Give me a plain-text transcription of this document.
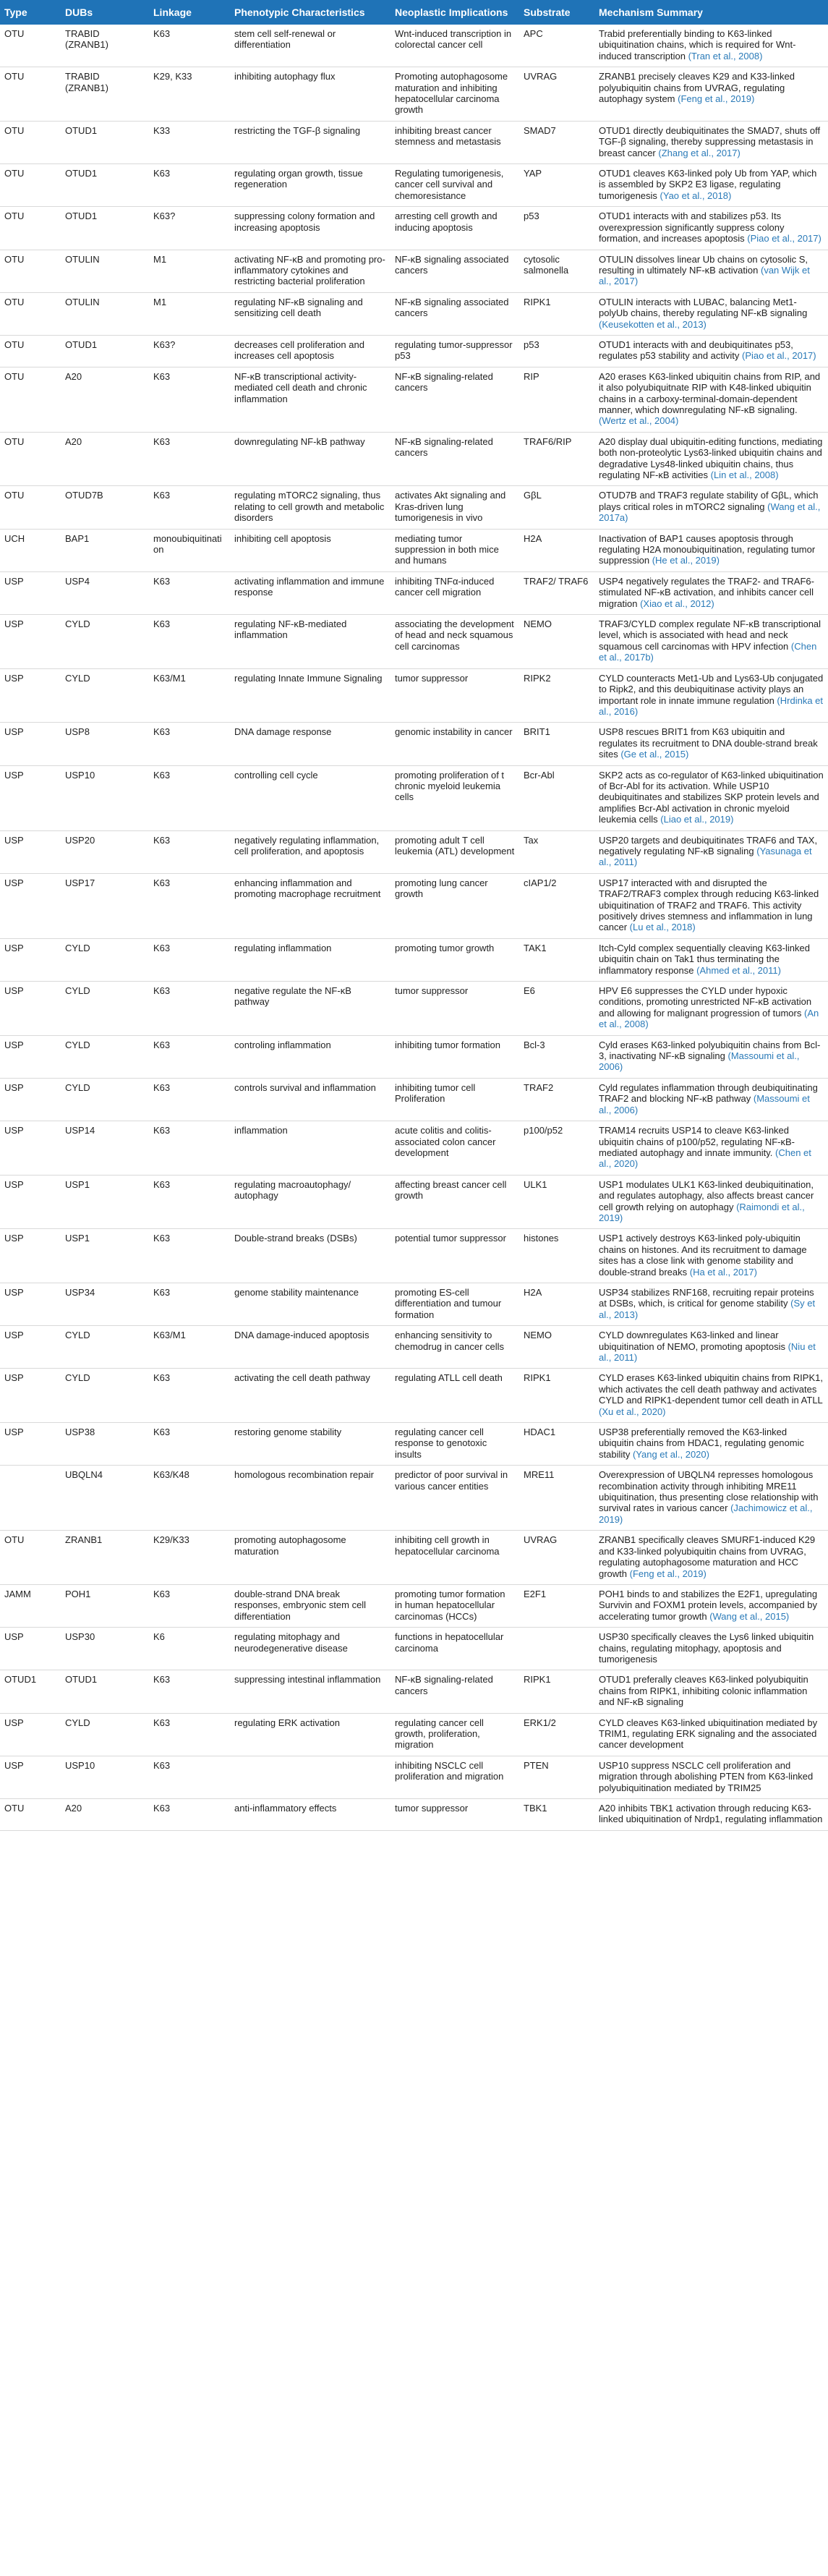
Type	DUBs	Linkage	Phenotypic Characteristics	Neoplastic Implications	Substrate	Mechanism Summary
OTU	TRABID (ZRANB1)	K63	stem cell self-renewal or differentiation	Wnt-induced transcription in colorectal cancer cell	APC	Trabid preferentially binding to K63-linked ubiquitination chains, which is required for Wnt-induced transcription (Tran et al., 2008)
OTU	TRABID (ZRANB1)	K29, K33	inhibiting autophagy flux	Promoting autophagosome maturation and inhibiting hepatocellular carcinoma growth	UVRAG	ZRANB1 precisely cleaves K29 and K33-linked polyubiquitin chains from UVRAG, regulating autophagy system (Feng et al., 2019)
OTU	OTUD1	K33	restricting the TGF-β signaling	inhibiting breast cancer stemness and metastasis	SMAD7	OTUD1 directly deubiquitinates the SMAD7, shuts off TGF-β signaling, thereby suppressing metastasis in breast cancer (Zhang et al., 2017)
OTU	OTUD1	K63	regulating organ growth, tissue regeneration	Regulating tumorigenesis, cancer cell survival and chemoresistance	YAP	OTUD1 cleaves K63-linked poly Ub from YAP, which is assembled by SKP2 E3 ligase, regulating tumorigenesis (Yao et al., 2018)
OTU	OTUD1	K63?	suppressing colony formation and increasing apoptosis	arresting cell growth and inducing apoptosis	p53	OTUD1 interacts with and stabilizes p53. Its overexpression significantly suppress colony formation, and increases apoptosis (Piao et al., 2017)
OTU	OTULIN	M1	activating NF-κB and promoting pro-inflammatory cytokines and restricting bacterial proliferation	NF-κB signaling associated cancers	cytosolic salmonella	OTULIN dissolves linear Ub chains on cytosolic S, resulting in ultimately NF-κB activation (van Wijk et al., 2017)
OTU	OTULIN	M1	regulating NF-κB signaling and sensitizing cell death	NF-κB signaling associated cancers	RIPK1	OTULIN interacts with LUBAC, balancing Met1-polyUb chains, thereby regulating NF-κB signaling (Keusekotten et al., 2013)
OTU	OTUD1	K63?	decreases cell proliferation and increases cell apoptosis	regulating tumor-suppressor p53	p53	OTUD1 interacts with and deubiquitinates p53, regulates p53 stability and activity (Piao et al., 2017)
OTU	A20	K63	NF-κB transcriptional activity-mediated cell death and chronic inflammation	NF-κB signaling-related cancers	RIP	A20 erases K63-linked ubiquitin chains from RIP, and it also polyubiquitnate RIP with K48-linked ubiquitin chains in a carboxy-terminal-domain-dependent manner, which downregulating NF-κB signaling. (Wertz et al., 2004)
OTU	A20	K63	downregulating NF-kB pathway	NF-κB signaling-related cancers	TRAF6/RIP	A20 display dual ubiquitin-editing functions, mediating both non-proteolytic Lys63-linked ubiquitin chains and degradative Lys48-linked ubiquitin chains, thus regulating NF-κB activities (Lin et al., 2008)
OTU	OTUD7B	K63	regulating mTORC2 signaling, thus relating to cell growth and metabolic disorders	activates Akt signaling and Kras-driven lung tumorigenesis in vivo	GβL	OTUD7B and TRAF3 regulate stability of GβL, which plays critical roles in mTORC2 signaling (Wang et al., 2017a)
UCH	BAP1	monoubiquitination	inhibiting cell apoptosis	mediating tumor suppression in both mice and humans	H2A	Inactivation of BAP1 causes apoptosis through regulating H2A monoubiquitination, regulating tumor suppression (He et al., 2019)
USP	USP4	K63	activating inflammation and immune response	inhibiting TNFα-induced cancer cell migration	TRAF2/ TRAF6	USP4 negatively regulates the TRAF2- and TRAF6-stimulated NF-κB activation, and inhibits cancer cell migration (Xiao et al., 2012)
USP	CYLD	K63	regulating NF-κB-mediated inflammation	associating the development of head and neck squamous cell carcinomas	NEMO	TRAF3/CYLD complex regulate NF-κB transcriptional level, which is associated with head and neck squamous cell carcinomas with HPV infection (Chen et al., 2017b)
USP	CYLD	K63/M1	regulating Innate Immune Signaling	tumor suppressor	RIPK2	CYLD counteracts Met1-Ub and Lys63-Ub conjugated to Ripk2, and this deubiquitinase activity plays an important role in innate immune regulation (Hrdinka et al., 2016)
USP	USP8	K63	DNA damage response	genomic instability in cancer	BRIT1	USP8 rescues BRIT1 from K63 ubiquitin and regulates its recruitment to DNA double-strand break sites (Ge et al., 2015)
USP	USP10	K63	controlling cell cycle	promoting proliferation of t chronic myeloid leukemia cells	Bcr-Abl	SKP2 acts as co-regulator of K63-linked ubiquitination of Bcr-Abl for its activation. While USP10 deubiquitinates and stabilizes SKP protein levels and amplifies Bcr-Abl activation in chronic myeloid leukemia cells (Liao et al., 2019)
USP	USP20	K63	negatively regulating inflammation, cell proliferation, and apoptosis	promoting adult T cell leukemia (ATL) development	Tax	USP20 targets and deubiquitinates TRAF6 and TAX, negatively regulating NF-κB signaling (Yasunaga et al., 2011)
USP	USP17	K63	enhancing inflammation and promoting macrophage recruitment	promoting lung cancer growth	cIAP1/2	USP17 interacted with and disrupted the TRAF2/TRAF3 complex through reducing K63-linked ubiquitination of TRAF2 and TRAF6. This activity positively drives stemness and inflammation in lung cancer (Lu et al., 2018)
USP	CYLD	K63	regulating inflammation	promoting tumor growth	TAK1	Itch-Cyld complex sequentially cleaving K63-linked ubiquitin chain on Tak1 thus terminating the inflammatory response (Ahmed et al., 2011)
USP	CYLD	K63	negative regulate the NF-κB pathway	tumor suppressor	E6	HPV E6 suppresses the CYLD under hypoxic conditions, promoting unrestricted NF-κB activation and allowing for malignant progression of tumors (An et al., 2008)
USP	CYLD	K63	controling inflammation	inhibiting tumor formation	Bcl-3	Cyld erases K63-linked polyubiquitin chains from Bcl-3, inactivating NF-κB signaling (Massoumi et al., 2006)
USP	CYLD	K63	controls survival and inflammation	inhibiting tumor cell Proliferation	TRAF2	Cyld regulates inflammation through deubiquitinating TRAF2 and blocking NF-κB pathway (Massoumi et al., 2006)
USP	USP14	K63	inflammation	acute colitis and colitis-associated colon cancer development	p100/p52	TRAM14 recruits USP14 to cleave K63-linked ubiquitin chains of p100/p52, regulating NF-κB-mediated autophagy and innate immunity. (Chen et al., 2020)
USP	USP1	K63	regulating macroautophagy/ autophagy	affecting breast cancer cell growth	ULK1	USP1 modulates ULK1 K63-linked deubiquitination, and regulates autophagy, also affects breast cancer cell growth relying on autophagy (Raimondi et al., 2019)
USP	USP1	K63	Double-strand breaks (DSBs)	potential tumor suppressor	histones	USP1 actively destroys K63-linked poly-ubiquitin chains on histones. And its recruitment to damage sites has a close link with genome stability and double-strand breaks (Ha et al., 2017)
USP	USP34	K63	genome stability maintenance	promoting ES-cell differentiation and tumour formation	H2A	USP34 stabilizes RNF168, recruiting repair proteins at DSBs, which, is critical for genome stability (Sy et al., 2013)
USP	CYLD	K63/M1	DNA damage-induced apoptosis	enhancing sensitivity to chemodrug in cancer cells	NEMO	CYLD downregulates K63-linked and linear ubiquitination of NEMO, promoting apoptosis (Niu et al., 2011)
USP	CYLD	K63	activating the cell death pathway	regulating ATLL cell death	RIPK1	CYLD erases K63-linked ubiquitin chains from RIPK1, which activates the cell death pathway and activates CYLD and RIPK1-dependent tumor cell death in ATLL (Xu et al., 2020)
USP	USP38	K63	restoring genome stability	regulating cancer cell response to genotoxic insults	HDAC1	USP38 preferentially removed the K63-linked ubiquitin chains from HDAC1, regulating genomic stability (Yang et al., 2020)
	UBQLN4	K63/K48	homologous recombination repair	predictor of poor survival in various cancer entities	MRE11	Overexpression of UBQLN4 represses homologous recombination activity through inhibiting MRE11 ubiquitination, thus presenting close relationship with survival rates in various cancer (Jachimowicz et al., 2019)
OTU	ZRANB1	K29/K33	promoting autophagosome maturation	inhibiting cell growth in hepatocellular carcinoma	UVRAG	ZRANB1 specifically cleaves SMURF1-induced K29 and K33-linked polyubiquitin chains from UVRAG, regulating autophagosome maturation and HCC growth (Feng et al., 2019)
JAMM	POH1	K63	double-strand DNA break responses, embryonic stem cell differentiation	promoting tumor formation in human hepatocellular carcinomas (HCCs)	E2F1	POH1 binds to and stabilizes the E2F1, upregulating Survivin and FOXM1 protein levels, accompanied by accelerating tumor growth (Wang et al., 2015)
USP	USP30	K6	regulating mitophagy and neurodegenerative disease	functions in hepatocellular carcinoma		USP30 specifically cleaves the Lys6 linked ubiquitin chains, regulating mitophagy, apoptosis and tumorigenesis
OTUD1	OTUD1	K63	suppressing intestinal inflammation	NF-κB signaling-related cancers	RIPK1	OTUD1 preferally cleaves K63-linked polyubiquitin chains from RIPK1, inhibiting colonic inflammation and NF-κB signaling
USP	CYLD	K63	regulating ERK activation	regulating cancer cell growth, proliferation, migration	ERK1/2	CYLD cleaves K63-linked ubiquitination mediated by TRIM1, regulating ERK signaling and the associated cancer development
USP	USP10	K63		inhibiting NSCLC cell proliferation and migration	PTEN	USP10 suppress NSCLC cell proliferation and migration through abolishing PTEN from K63-linked polyubiquitination mediated by TRIM25
OTU	A20	K63	anti-inflammatory effects	tumor suppressor	TBK1	A20 inhibits TBK1 activation through reducing K63-linked ubiquitination of Nrdp1, regulating inflammation
